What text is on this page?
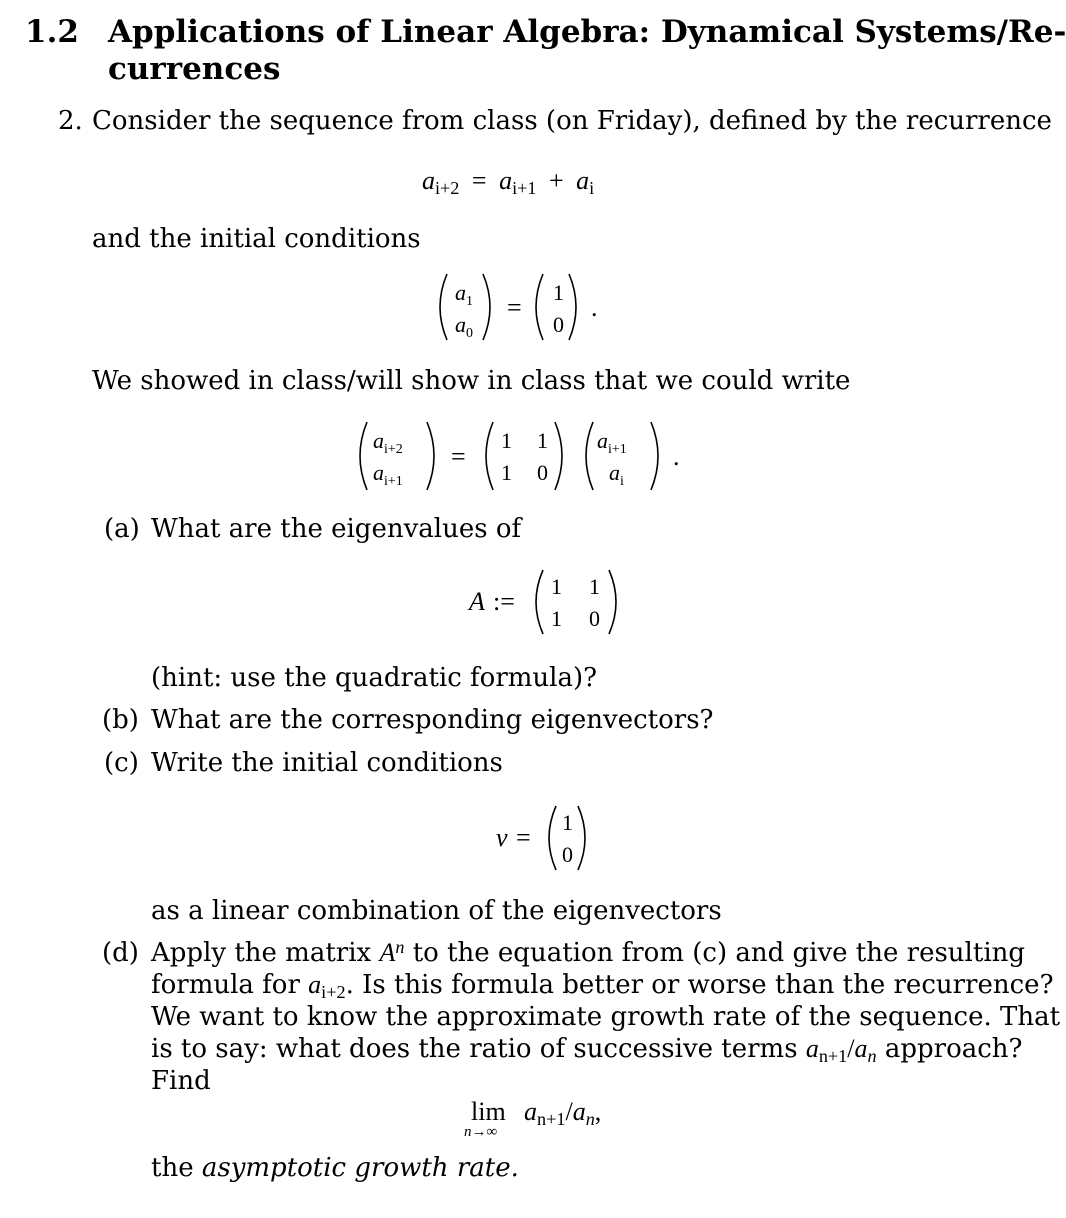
1.2 Applications of Linear Algebra: Dynamical Systems/Re-
currences
2. Consider the sequence from class (on Friday), defined by the recurrence
ai+2 = ai+1 + ai
and the initial conditions
$a_1$
$a_0$
=
1
0
.
We showed in class/will show in class that we could write
$a_{i+2}$
$a_{i+1}$
=
1 1
1 0
$a_{i+1}$
$a_i$
.
(a) What are the eigenvalues of
A :=
1 1
1 0
(hint: use the quadratic formula)?
(b) What are the corresponding eigenvectors?
(c) Write the initial conditions
v =
1
0
as a linear combination of the eigenvectors
(d) Apply the matrix $A^n$ to the equation from (c) and give the resulting
formula for ai+2. Is this formula better or worse than the recurrence?
We want to know the approximate growth rate of the sequence. That
is to say: what does the ratio of successive terms an+1/an approach?
Find
lim
n→∞
an+1/an,
the asymptotic growth rate.
